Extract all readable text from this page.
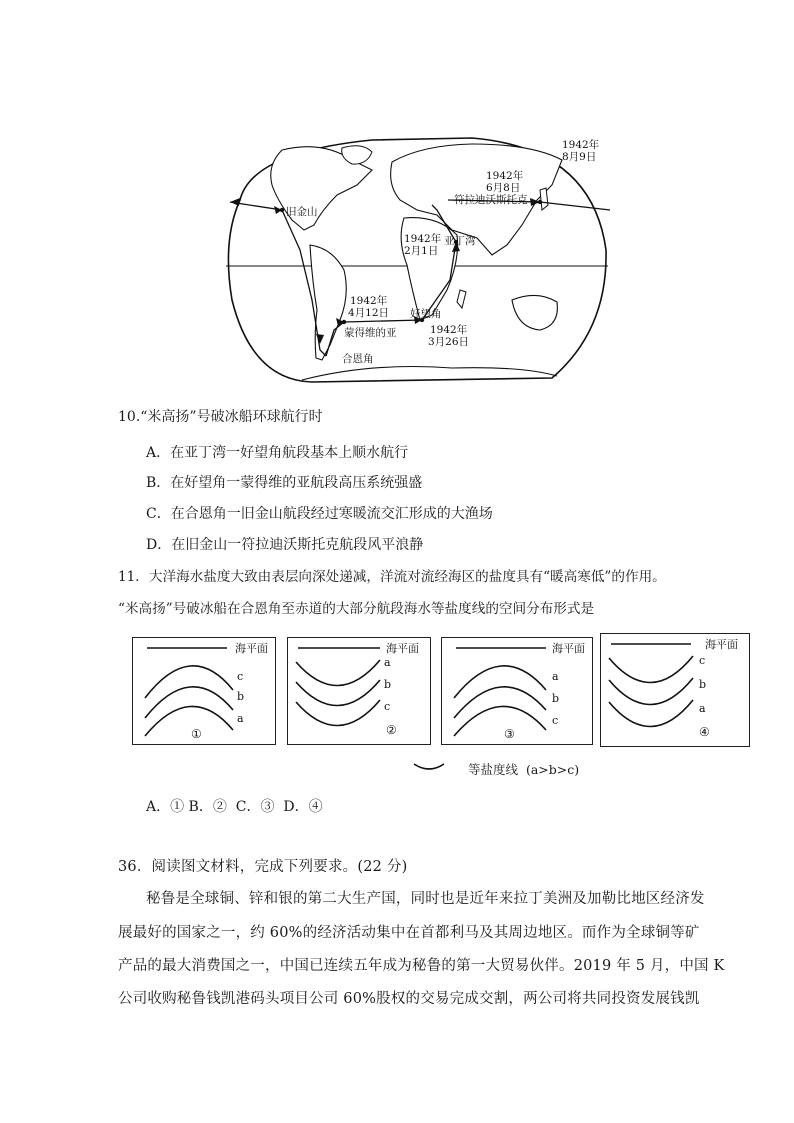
1942年
8月9日
1942年
6月8日
符拉迪沃斯托克
旧金山
1942年
2月1日
亚丁湾
1942年
4月12日
蒙得维的亚
好望角
1942年
3月26日
合恩角
10.“米高扬”号破冰船环球航行时
A．在亚丁湾一好望角航段基本上顺水航行
B．在好望角一蒙得维的亚航段高压系统强盛
C．在合恩角一旧金山航段经过寒暖流交汇形成的大渔场
D．在旧金山一符拉迪沃斯托克航段风平浪静
11．大洋海水盐度大致由表层向深处递减，洋流对流经海区的盐度具有“暖高寒低”的作用。
“米高扬”号破冰船在合恩角至赤道的大部分航段海水等盐度线的空间分布形式是
海平面
c
b
a
①
海平面
a
b
c
②
海平面
a
b
c
③
海平面
c
b
a
④
等盐度线  (a>b>c)
A．① B．②  C．③  D．④
36．阅读图文材料，完成下列要求。(22 分)
秘鲁是全球铜、锌和银的第二大生产国，同时也是近年来拉丁美洲及加勒比地区经济发
展最好的国家之一，约 60%的经济活动集中在首都利马及其周边地区。而作为全球铜等矿
产品的最大消费国之一，中国已连续五年成为秘鲁的第一大贸易伙伴。2019 年 5 月，中国 K
公司收购秘鲁钱凯港码头项目公司 60%股权的交易完成交割，两公司将共同投资发展钱凯
